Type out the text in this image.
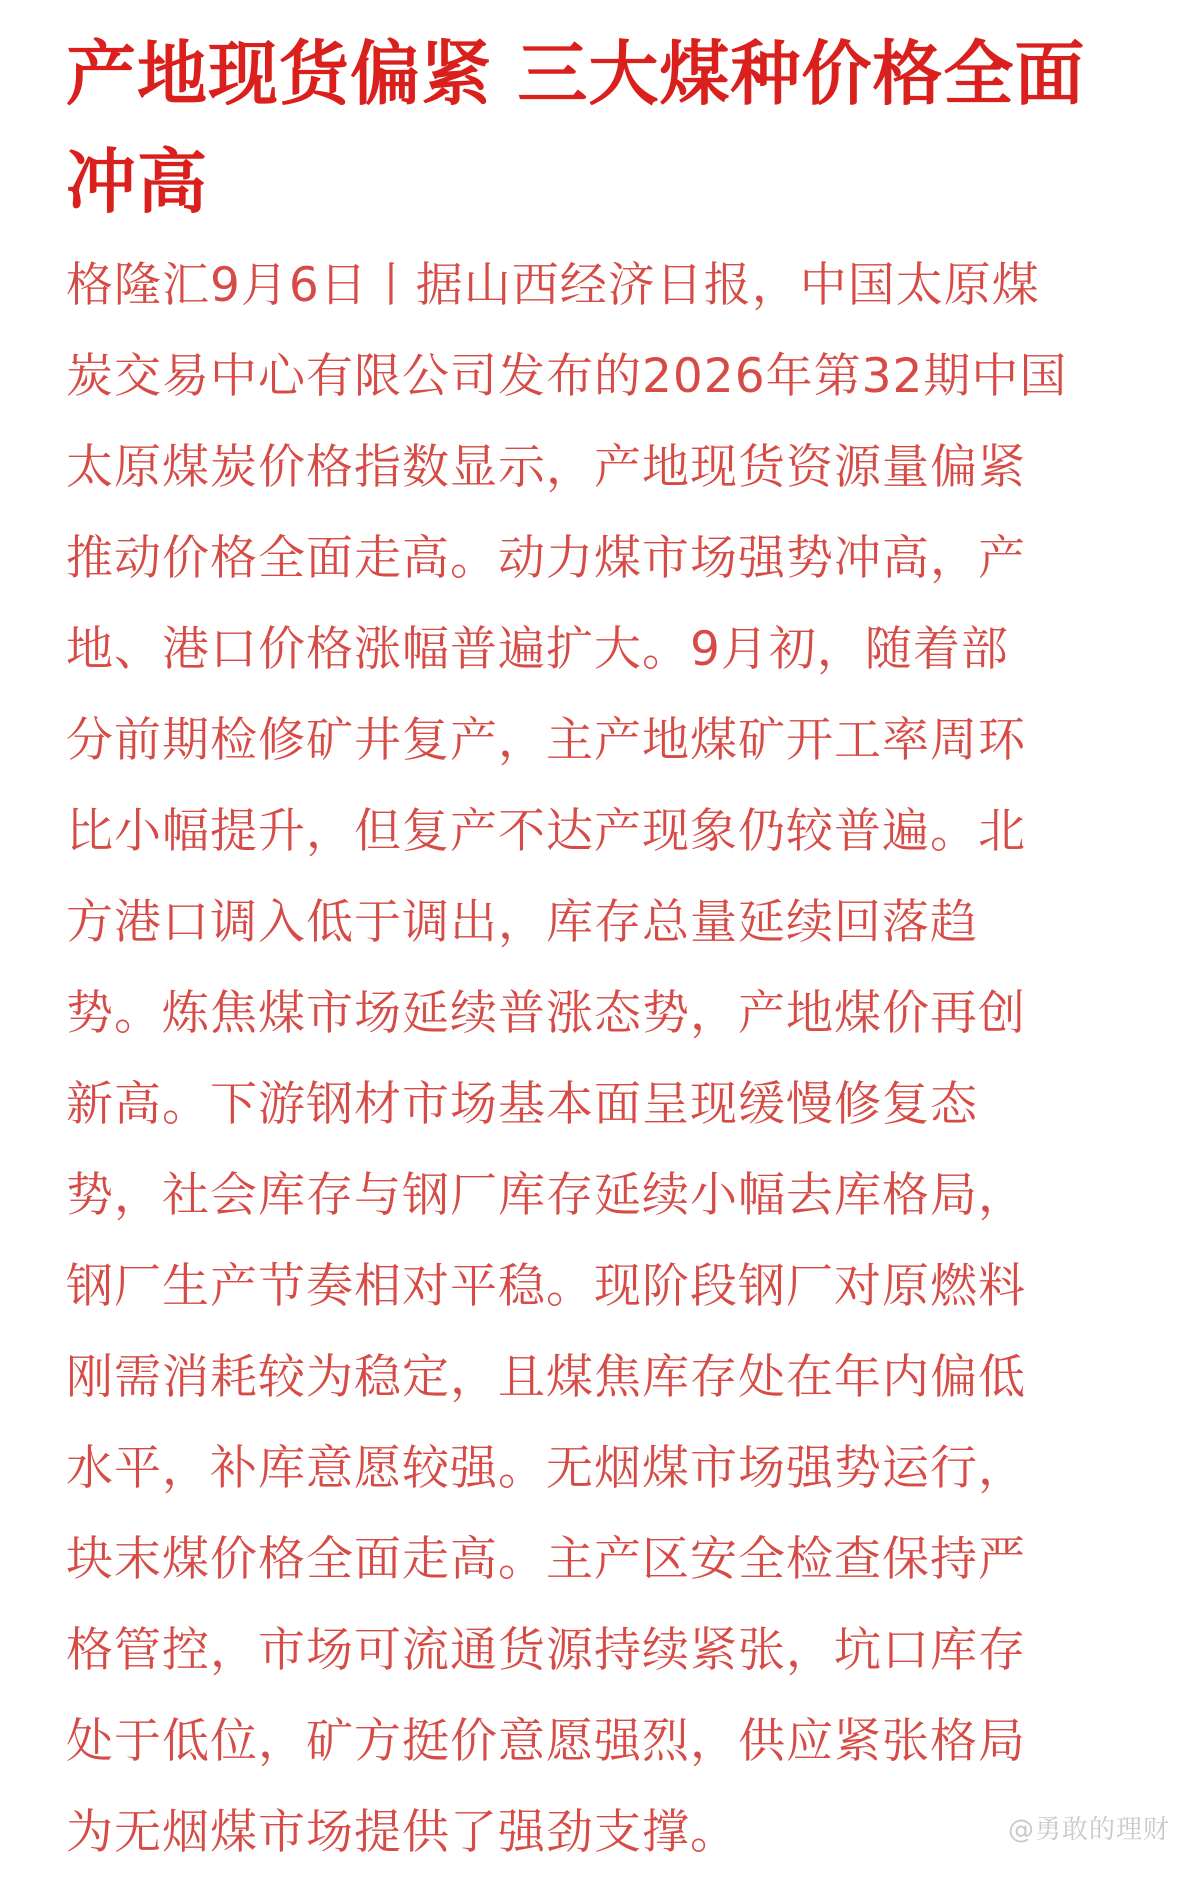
产地现货偏紧 三大煤种价格全面
冲高
格隆汇9月6日丨据山西经济日报，中国太原煤
炭交易中心有限公司发布的2026年第32期中国
太原煤炭价格指数显示，产地现货资源量偏紧
推动价格全面走高。动力煤市场强势冲高，产
地、港口价格涨幅普遍扩大。9月初，随着部
分前期检修矿井复产，主产地煤矿开工率周环
比小幅提升，但复产不达产现象仍较普遍。北
方港口调入低于调出，库存总量延续回落趋
势。炼焦煤市场延续普涨态势，产地煤价再创
新高。下游钢材市场基本面呈现缓慢修复态
势，社会库存与钢厂库存延续小幅去库格局，
钢厂生产节奏相对平稳。现阶段钢厂对原燃料
刚需消耗较为稳定，且煤焦库存处在年内偏低
水平，补库意愿较强。无烟煤市场强势运行，
块末煤价格全面走高。主产区安全检查保持严
格管控，市场可流通货源持续紧张，坑口库存
处于低位，矿方挺价意愿强烈，供应紧张格局
为无烟煤市场提供了强劲支撑。	@勇敢的理财
